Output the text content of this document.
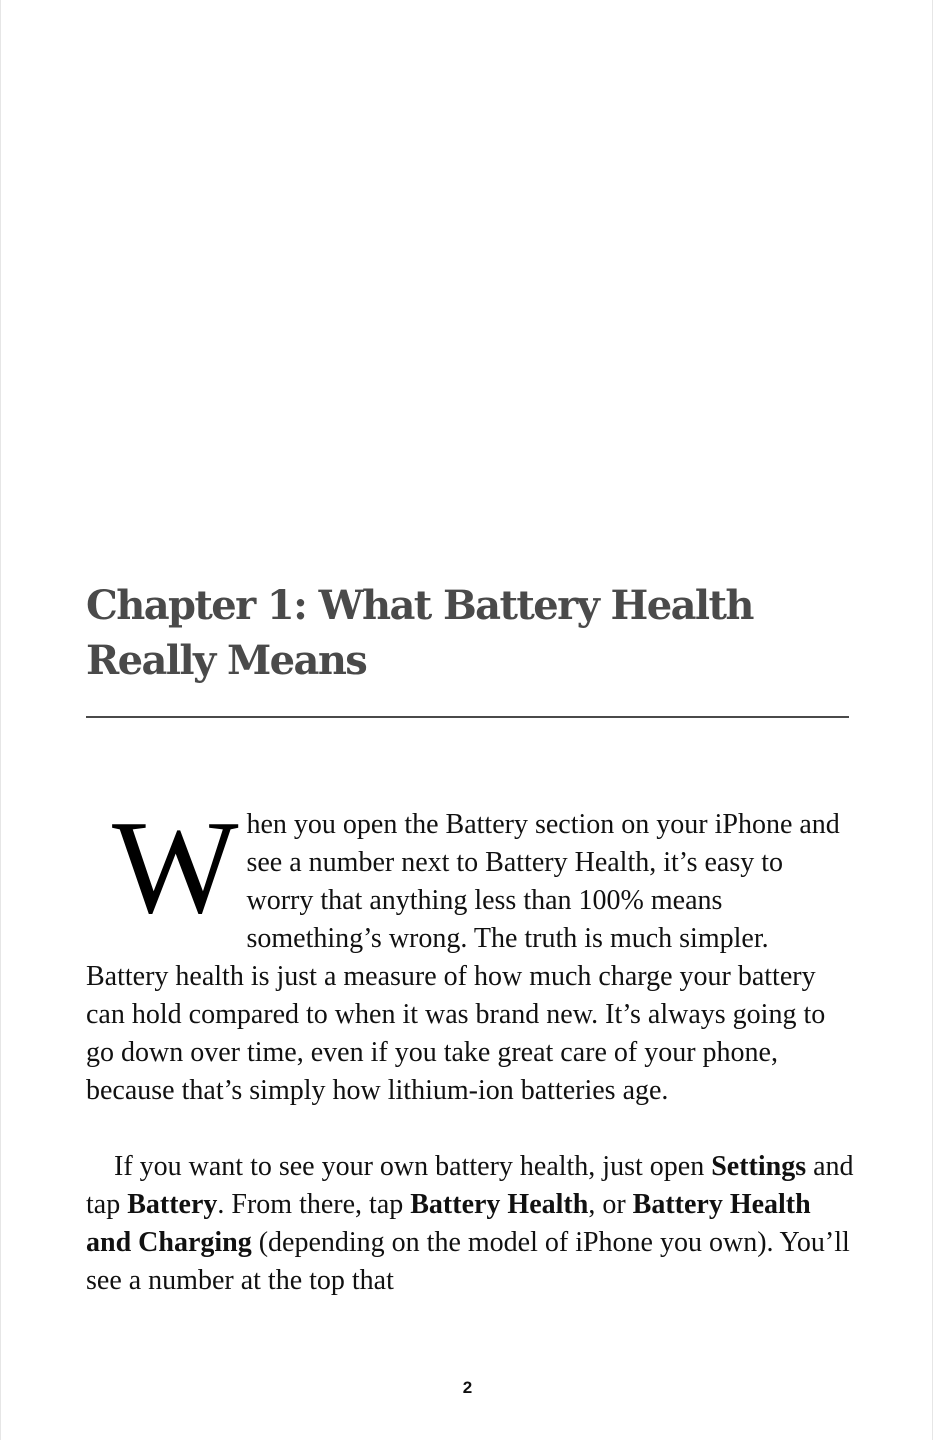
Chapter 1: What Battery Health Really Means

When you open the Battery section on your iPhone and see a number next to Battery Health, it’s easy to worry that anything less than 100% means something’s wrong. The truth is much simpler. Battery health is just a measure of how much charge your battery can hold compared to when it was brand new. It’s always going to go down over time, even if you take great care of your phone, because that’s simply how lithium-ion batteries age.

If you want to see your own battery health, just open Settings and tap Battery. From there, tap Battery Health, or Battery Health and Charging (depending on the model of iPhone you own). You’ll see a number at the top that

2
